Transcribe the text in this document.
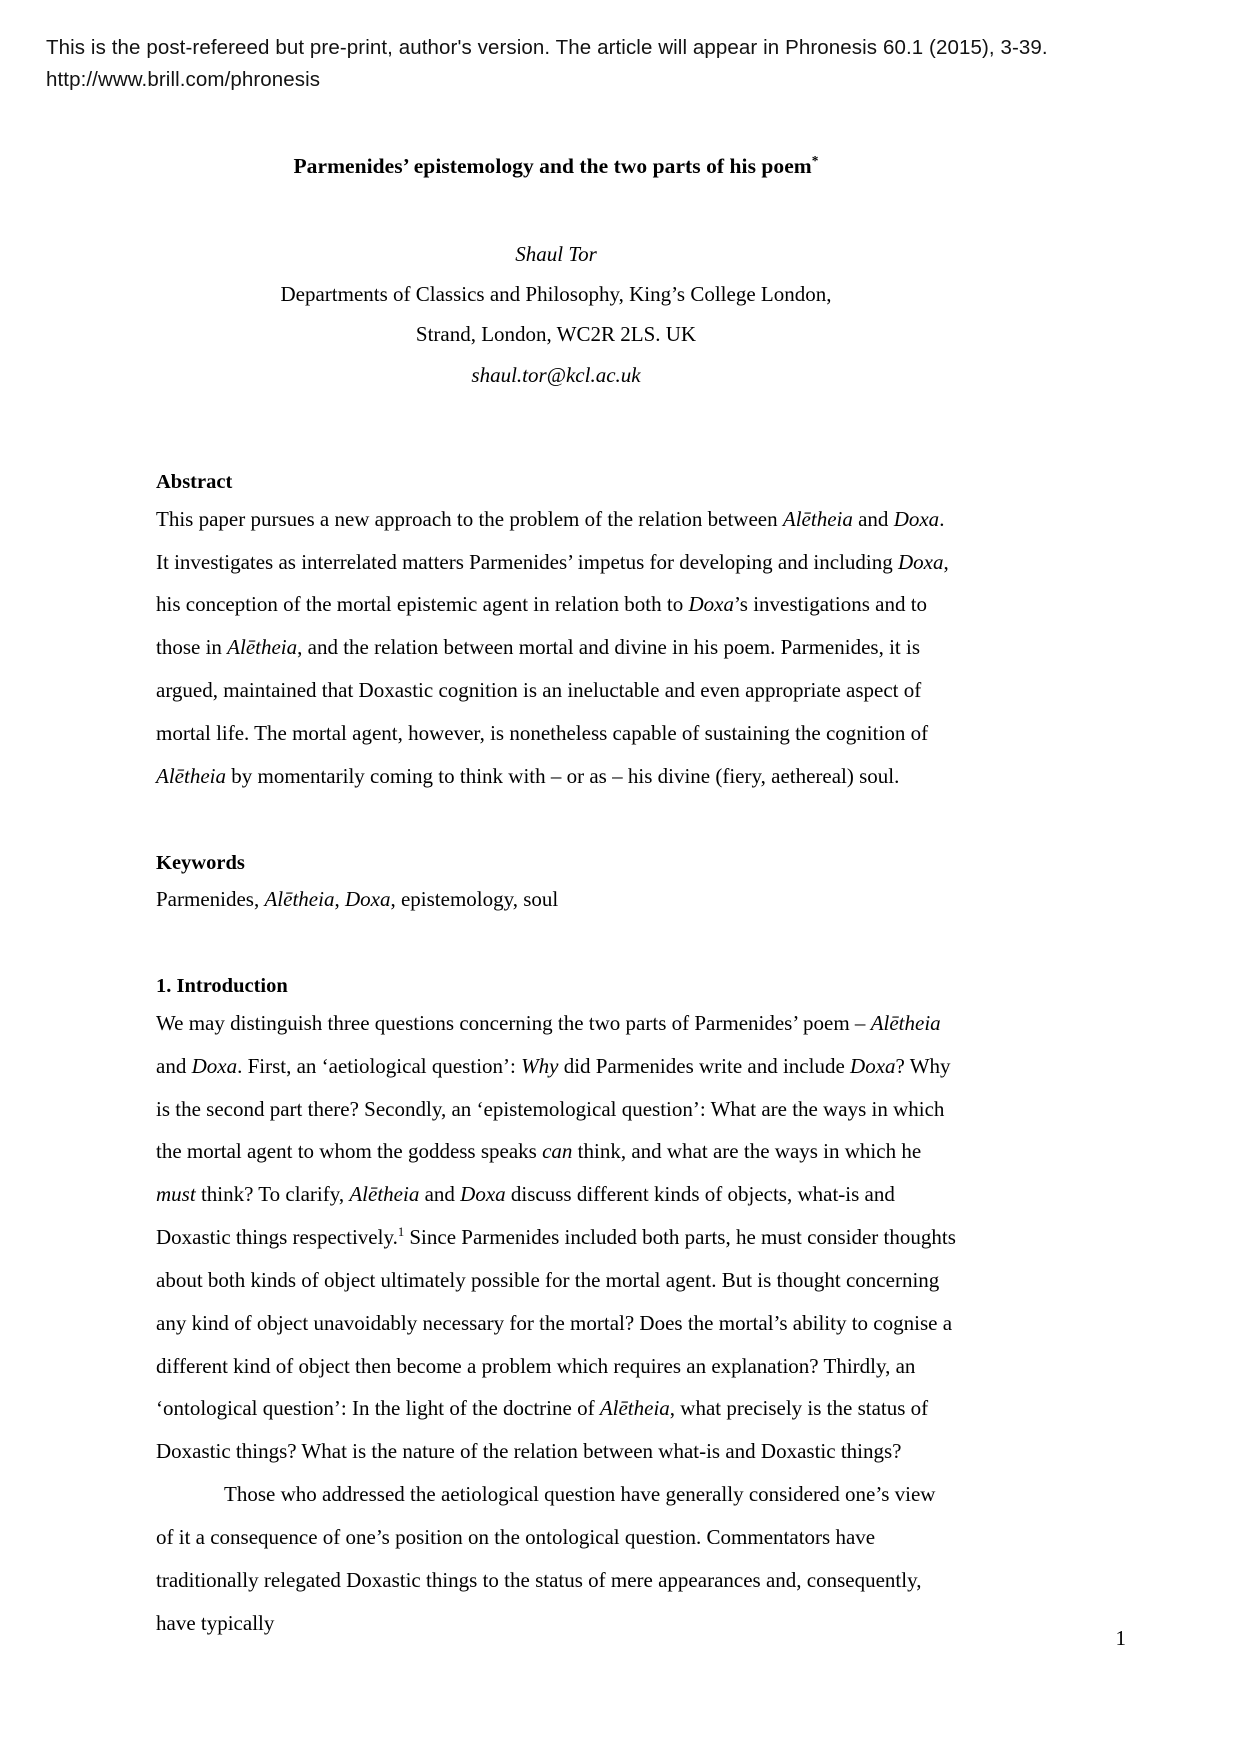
This is the post-refereed but pre-print, author's version. The article will appear in Phronesis 60.1 (2015), 3-39. http://www.brill.com/phronesis
Parmenides’ epistemology and the two parts of his poem*
Shaul Tor
Departments of Classics and Philosophy, King’s College London,
Strand, London, WC2R 2LS. UK
shaul.tor@kcl.ac.uk
Abstract

This paper pursues a new approach to the problem of the relation between Alētheia and Doxa. It investigates as interrelated matters Parmenides’ impetus for developing and including Doxa, his conception of the mortal epistemic agent in relation both to Doxa’s investigations and to those in Alētheia, and the relation between mortal and divine in his poem. Parmenides, it is argued, maintained that Doxastic cognition is an ineluctable and even appropriate aspect of mortal life. The mortal agent, however, is nonetheless capable of sustaining the cognition of Alētheia by momentarily coming to think with – or as – his divine (fiery, aethereal) soul.

Keywords

Parmenides, Alētheia, Doxa, epistemology, soul

1. Introduction

We may distinguish three questions concerning the two parts of Parmenides’ poem – Alētheia and Doxa. First, an ‘aetiological question’: Why did Parmenides write and include Doxa? Why is the second part there? Secondly, an ‘epistemological question’: What are the ways in which the mortal agent to whom the goddess speaks can think, and what are the ways in which he must think? To clarify, Alētheia and Doxa discuss different kinds of objects, what-is and Doxastic things respectively.$^1$ Since Parmenides included both parts, he must consider thoughts about both kinds of object ultimately possible for the mortal agent. But is thought concerning any kind of object unavoidably necessary for the mortal? Does the mortal’s ability to cognise a different kind of object then become a problem which requires an explanation? Thirdly, an ‘ontological question’: In the light of the doctrine of Alētheia, what precisely is the status of Doxastic things? What is the nature of the relation between what-is and Doxastic things?

Those who addressed the aetiological question have generally considered one’s view of it a consequence of one’s position on the ontological question. Commentators have traditionally relegated Doxastic things to the status of mere appearances and, consequently, have typically

1
